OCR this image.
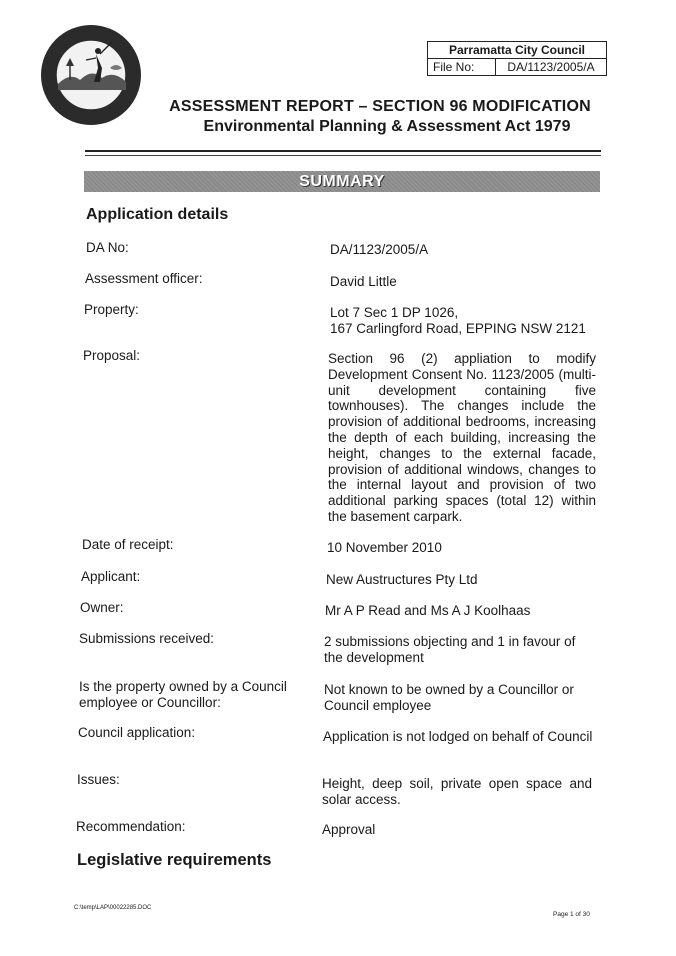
Parramatta City Council
File No:	DA/1123/2005/A
ASSESSMENT REPORT – SECTION 96 MODIFICATION
Environmental Planning & Assessment Act 1979
SUMMARY
Application details
DA No:	DA/1123/2005/A
Assessment officer:	David Little
Property:	Lot 7 Sec 1 DP 1026,
167 Carlingford Road, EPPING NSW 2121
Proposal:	Section 96 (2) appliation to modify Development Consent No. 1123/2005 (multi-unit development containing five townhouses). The changes include the provision of additional bedrooms, increasing the depth of each building, increasing the height, changes to the external facade, provision of additional windows, changes to the internal layout and provision of two additional parking spaces (total 12) within the basement carpark.
Date of receipt:	10 November 2010
Applicant:	New Austructures Pty Ltd
Owner:	Mr A P Read and Ms A J Koolhaas
Submissions received:	2 submissions objecting and 1 in favour of the development
Is the property owned by a Council employee or Councillor:
Not known to be owned by a Councillor or Council employee
Council application:	Application is not lodged on behalf of Council
Issues:	Height, deep soil, private open space and solar access.
Recommendation:	Approval
Legislative requirements
C:\temp\LAP\00022285.DOC
Page 1 of 30
